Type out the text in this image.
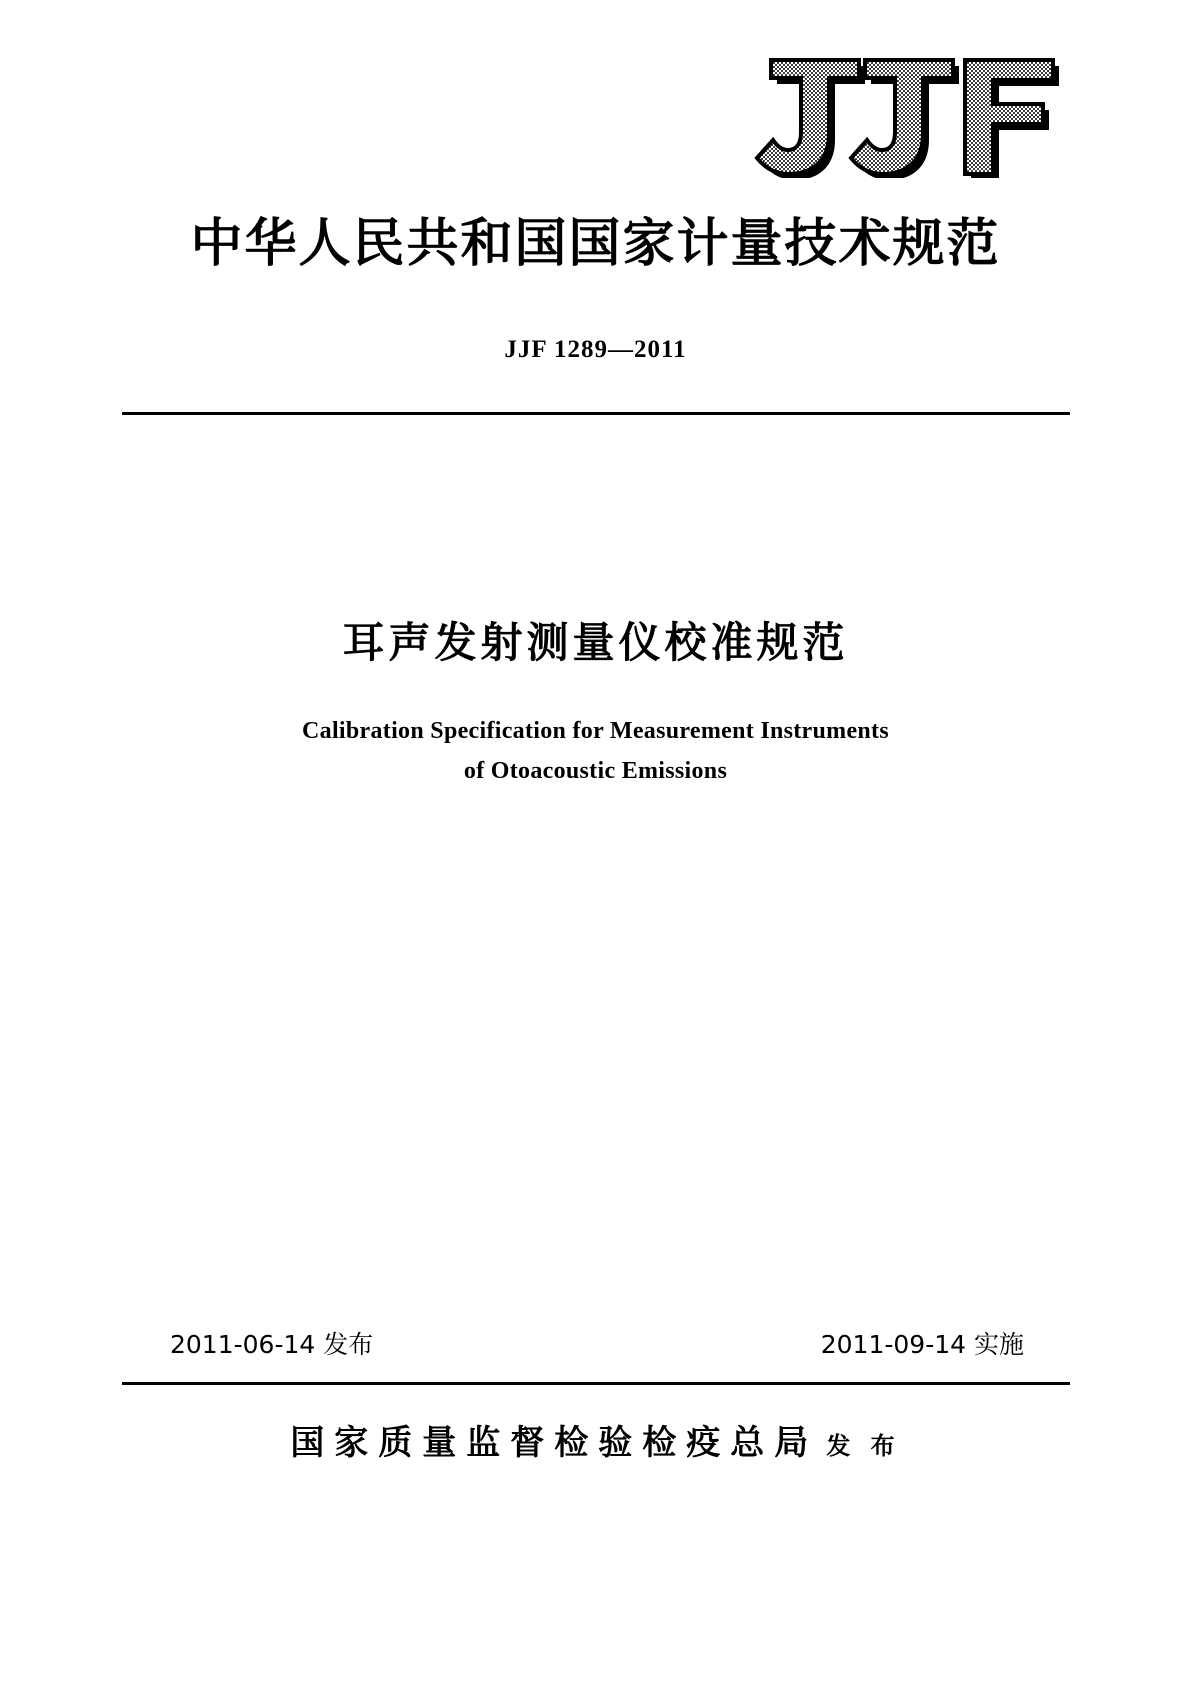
中华人民共和国国家计量技术规范
JJF 1289—2011
耳声发射测量仪校准规范
Calibration Specification for Measurement Instruments
of Otoacoustic Emissions
2011-06-14 发布	2011-09-14 实施
国家质量监督检验检疫总局 发 布
